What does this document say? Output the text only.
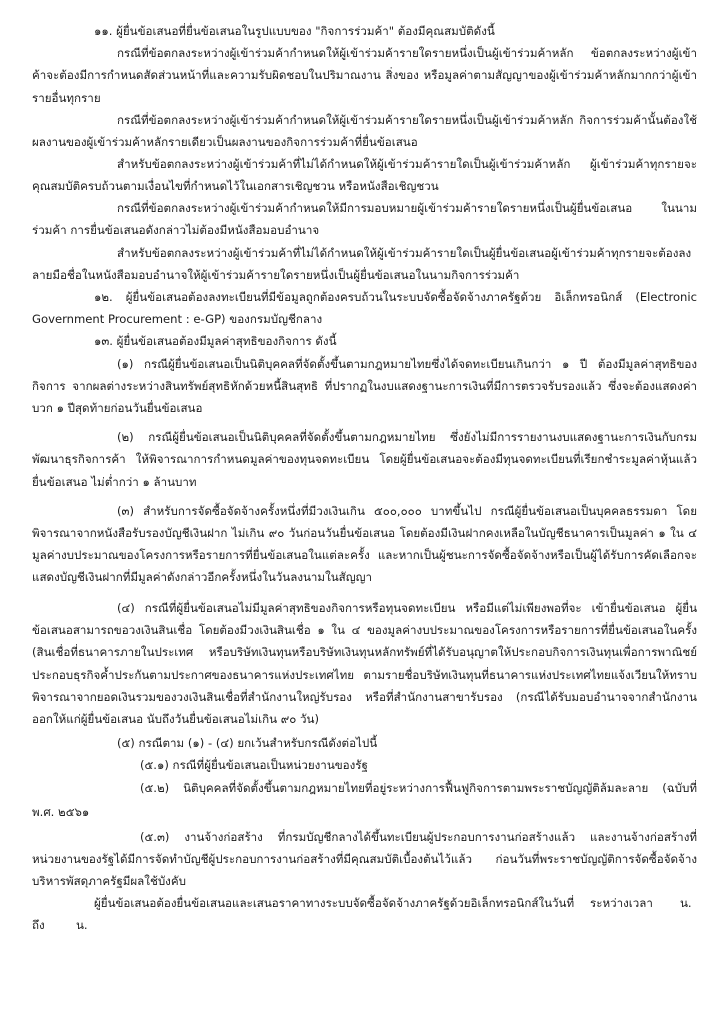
๑๑. ผู้ยื่นข้อเสนอที่ยื่นข้อเสนอในรูปแบบของ "กิจการร่วมค้า" ต้องมีคุณสมบัติดังนี้
กรณีที่ข้อตกลงระหว่างผู้เข้าร่วมค้ากำหนดให้ผู้เข้าร่วมค้ารายใดรายหนึ่งเป็นผู้เข้าร่วมค้าหลัก ข้อตกลงระหว่างผู้เข้า
ค้าจะต้องมีการกำหนดสัดส่วนหน้าที่และความรับผิดชอบในปริมาณงาน สิ่งของ หรือมูลค่าตามสัญญาของผู้เข้าร่วมค้าหลักมากกว่าผู้เข้า
รายอื่นทุกราย
กรณีที่ข้อตกลงระหว่างผู้เข้าร่วมค้ากำหนดให้ผู้เข้าร่วมค้ารายใดรายหนึ่งเป็นผู้เข้าร่วมค้าหลัก กิจการร่วมค้านั้นต้องใช้
ผลงานของผู้เข้าร่วมค้าหลักรายเดียวเป็นผลงานของกิจการร่วมค้าที่ยื่นข้อเสนอ
สำหรับข้อตกลงระหว่างผู้เข้าร่วมค้าที่ไม่ได้กำหนดให้ผู้เข้าร่วมค้ารายใดเป็นผู้เข้าร่วมค้าหลัก ผู้เข้าร่วมค้าทุกรายจะ
คุณสมบัติครบถ้วนตามเงื่อนไขที่กำหนดไว้ในเอกสารเชิญชวน หรือหนังสือเชิญชวน
กรณีที่ข้อตกลงระหว่างผู้เข้าร่วมค้ากำหนดให้มีการมอบหมายผู้เข้าร่วมค้ารายใดรายหนึ่งเป็นผู้ยื่นข้อเสนอ ในนาม
ร่วมค้า การยื่นข้อเสนอดังกล่าวไม่ต้องมีหนังสือมอบอำนาจ
สำหรับข้อตกลงระหว่างผู้เข้าร่วมค้าที่ไม่ได้กำหนดให้ผู้เข้าร่วมค้ารายใดเป็นผู้ยื่นข้อเสนอผู้เข้าร่วมค้าทุกรายจะต้องลง
ลายมือชื่อในหนังสือมอบอำนาจให้ผู้เข้าร่วมค้ารายใดรายหนึ่งเป็นผู้ยื่นข้อเสนอในนามกิจการร่วมค้า
๑๒. ผู้ยื่นข้อเสนอต้องลงทะเบียนที่มีข้อมูลถูกต้องครบถ้วนในระบบจัดซื้อจัดจ้างภาครัฐด้วย อิเล็กทรอนิกส์ (Electronic
Government Procurement : e-GP) ของกรมบัญชีกลาง
๑๓. ผู้ยื่นข้อเสนอต้องมีมูลค่าสุทธิของกิจการ ดังนี้
(๑) กรณีผู้ยื่นข้อเสนอเป็นนิติบุคคลที่จัดตั้งขึ้นตามกฎหมายไทยซึ่งได้จดทะเบียนเกินกว่า ๑ ปี ต้องมีมูลค่าสุทธิของ
กิจการ จากผลต่างระหว่างสินทรัพย์สุทธิหักด้วยหนี้สินสุทธิ ที่ปรากฏในงบแสดงฐานะการเงินที่มีการตรวจรับรองแล้ว ซึ่งจะต้องแสดงค่า
บวก ๑ ปีสุดท้ายก่อนวันยื่นข้อเสนอ
(๒) กรณีผู้ยื่นข้อเสนอเป็นนิติบุคคลที่จัดตั้งขึ้นตามกฎหมายไทย ซึ่งยังไม่มีการรายงานงบแสดงฐานะการเงินกับกรม
พัฒนาธุรกิจการค้า ให้พิจารณาการกำหนดมูลค่าของทุนจดทะเบียน โดยผู้ยื่นข้อเสนอจะต้องมีทุนจดทะเบียนที่เรียกชำระมูลค่าหุ้นแล้ว
ยื่นข้อเสนอ ไม่ต่ำกว่า ๑ ล้านบาท
(๓) สำหรับการจัดซื้อจัดจ้างครั้งหนึ่งที่มีวงเงินเกิน ๕๐๐,๐๐๐ บาทขึ้นไป กรณีผู้ยื่นข้อเสนอเป็นบุคคลธรรมดา โดย
พิจารณาจากหนังสือรับรองบัญชีเงินฝาก ไม่เกิน ๙๐ วันก่อนวันยื่นข้อเสนอ โดยต้องมีเงินฝากคงเหลือในบัญชีธนาคารเป็นมูลค่า ๑ ใน ๔
มูลค่างบประมาณของโครงการหรือรายการที่ยื่นข้อเสนอในแต่ละครั้ง และหากเป็นผู้ชนะการจัดซื้อจัดจ้างหรือเป็นผู้ได้รับการคัดเลือกจะ
แสดงบัญชีเงินฝากที่มีมูลค่าดังกล่าวอีกครั้งหนึ่งในวันลงนามในสัญญา
(๔) กรณีที่ผู้ยื่นข้อเสนอไม่มีมูลค่าสุทธิของกิจการหรือทุนจดทะเบียน หรือมีแต่ไม่เพียงพอที่จะ เข้ายื่นข้อเสนอ ผู้ยื่น
ข้อเสนอสามารถขอวงเงินสินเชื่อ โดยต้องมีวงเงินสินเชื่อ ๑ ใน ๔ ของมูลค่างบประมาณของโครงการหรือรายการที่ยื่นข้อเสนอในครั้ง
(สินเชื่อที่ธนาคารภายในประเทศ หรือบริษัทเงินทุนหรือบริษัทเงินทุนหลักทรัพย์ที่ได้รับอนุญาตให้ประกอบกิจการเงินทุนเพื่อการพาณิชย์
ประกอบธุรกิจค้ำประกันตามประกาศของธนาคารแห่งประเทศไทย ตามรายชื่อบริษัทเงินทุนที่ธนาคารแห่งประเทศไทยแจ้งเวียนให้ทราบ
พิจารณาจากยอดเงินรวมของวงเงินสินเชื่อที่สำนักงานใหญ่รับรอง หรือที่สำนักงานสาขารับรอง (กรณีได้รับมอบอำนาจจากสำนักงาน
ออกให้แก่ผู้ยื่นข้อเสนอ นับถึงวันยื่นข้อเสนอไม่เกิน ๙๐ วัน)
(๕) กรณีตาม (๑) - (๔) ยกเว้นสำหรับกรณีดังต่อไปนี้
(๕.๑) กรณีที่ผู้ยื่นข้อเสนอเป็นหน่วยงานของรัฐ
(๕.๒) นิติบุคคลที่จัดตั้งขึ้นตามกฎหมายไทยที่อยู่ระหว่างการฟื้นฟูกิจการตามพระราชบัญญัติล้มละลาย (ฉบับที่
พ.ศ. ๒๕๖๑
(๕.๓) งานจ้างก่อสร้าง ที่กรมบัญชีกลางได้ขึ้นทะเบียนผู้ประกอบการงานก่อสร้างแล้ว และงานจ้างก่อสร้างที่
หน่วยงานของรัฐได้มีการจัดทำบัญชีผู้ประกอบการงานก่อสร้างที่มีคุณสมบัติเบื้องต้นไว้แล้ว ก่อนวันที่พระราชบัญญัติการจัดซื้อจัดจ้าง
บริหารพัสดุภาครัฐมีผลใช้บังคับ
ผู้ยื่นข้อเสนอต้องยื่นข้อเสนอและเสนอราคาทางระบบจัดซื้อจัดจ้างภาครัฐด้วยอิเล็กทรอนิกส์ในวันที่ ระหว่างเวลา น.
ถึง	น.
